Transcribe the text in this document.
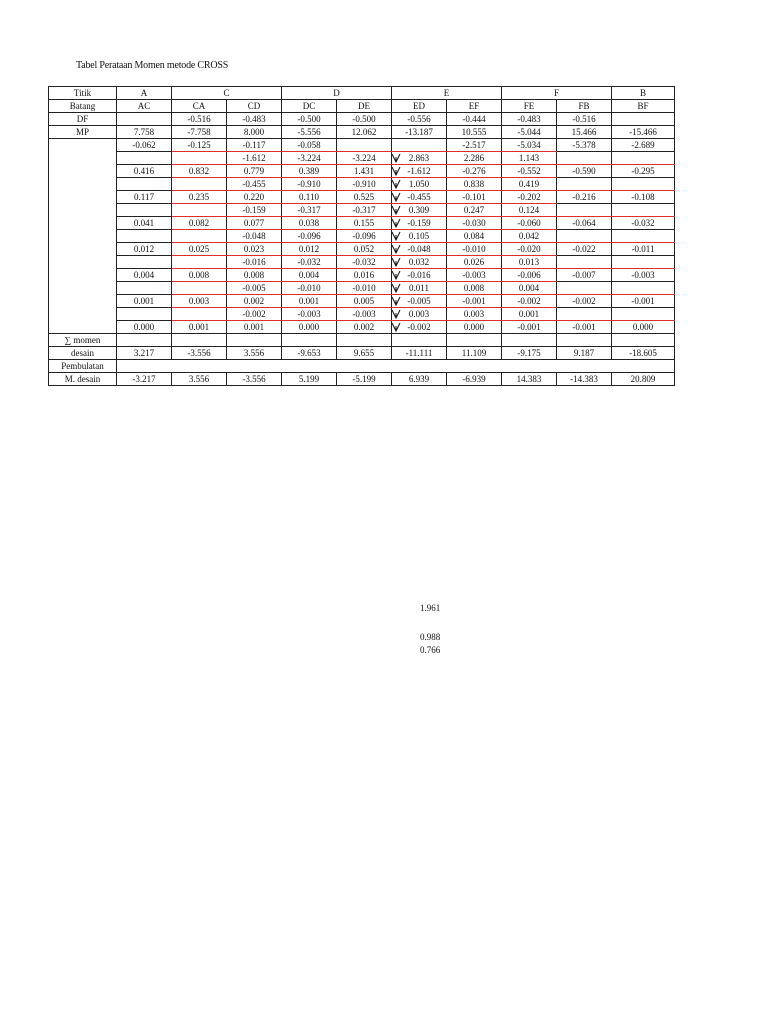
Tabel Perataan Momen metode CROSS
Titik	A	C		D		E		F		B
Batang	AC	CA	CD	DC	DE	ED	EF	FE	FB	BF
DF		-0.516	-0.483	-0.500	-0.500	-0.556	-0.444	-0.483	-0.516	
MP	7.758	-7.758	8.000	-5.556	12.062	-13.187	10.555	-5.044	15.466	-15.466
	-0.062	-0.125	-0.117	-0.058			-2.517	-5.034	-5.378	-2.689
			-1.612	-3.224	-3.224	2.863	2.286	1.143		
	0.416	0.832	0.779	0.389	1.431	-1.612	-0.276	-0.552	-0.590	-0.295
			-0.455	-0.910	-0.910	1.050	0.838	0.419		
	0.117	0.235	0.220	0.110	0.525	-0.455	-0.101	-0.202	-0.216	-0.108
			-0.159	-0.317	-0.317	0.309	0.247	0.124		
	0.041	0.082	0.077	0.038	0.155	-0.159	-0.030	-0.060	-0.064	-0.032
			-0.048	-0.096	-0.096	0.105	0.084	0.042		
	0.012	0.025	0.023	0.012	0.052	-0.048	-0.010	-0.020	-0.022	-0.011
			-0.016	-0.032	-0.032	0.032	0.026	0.013		
	0.004	0.008	0.008	0.004	0.016	-0.016	-0.003	-0.006	-0.007	-0.003
			-0.005	-0.010	-0.010	0.011	0.008	0.004		
	0.001	0.003	0.002	0.001	0.005	-0.005	-0.001	-0.002	-0.002	-0.001
			-0.002	-0.003	-0.003	0.003	0.003	0.001		
	0.000	0.001	0.001	0.000	0.002	-0.002	0.000	-0.001	-0.001	0.000
∑ momen										
desain	3.217	-3.556	3.556	-9.653	9.655	-11.111	11.109	-9.175	9.187	-18.605
Pembulatan										
M. desain	-3.217	3.556	-3.556	5.199	-5.199	6.939	-6.939	14.383	-14.383	20.809
1.961
0.988
0.766
